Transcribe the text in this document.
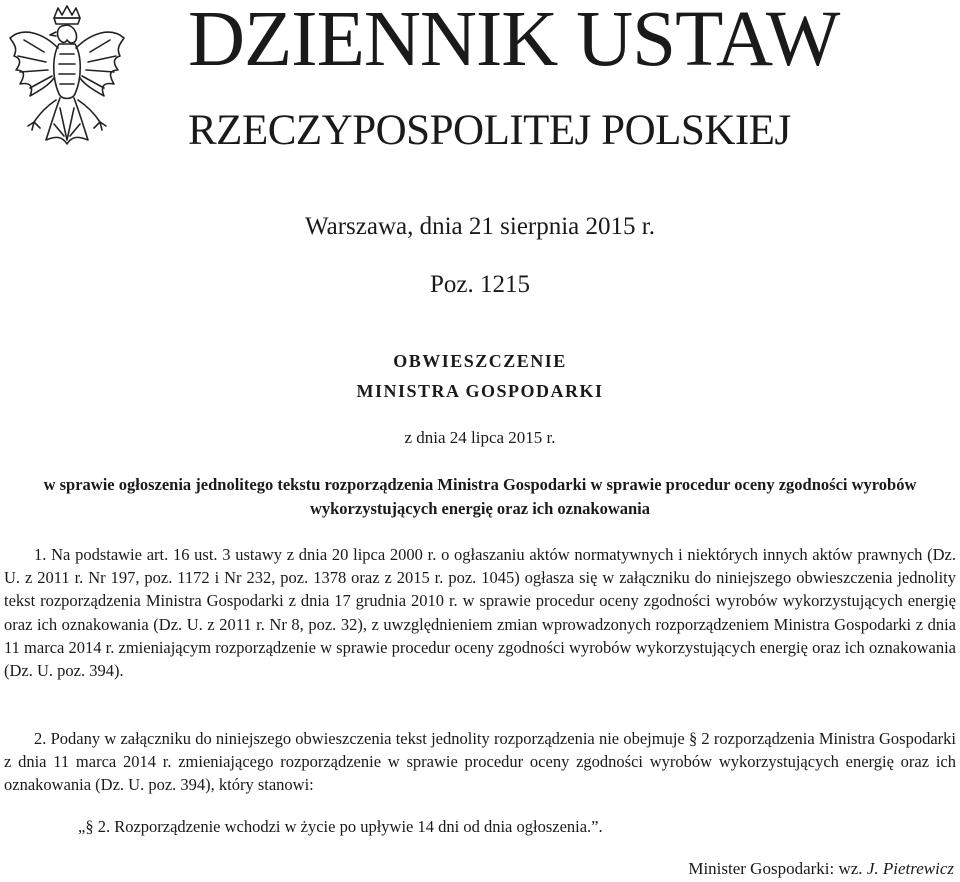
DZIENNIK USTAW
RZECZYPOSPOLITEJ POLSKIEJ
Warszawa, dnia 21 sierpnia 2015 r.
Poz. 1215
OBWIESZCZENIE
MINISTRA GOSPODARKI
z dnia 24 lipca 2015 r.
w sprawie ogłoszenia jednolitego tekstu rozporządzenia Ministra Gospodarki w sprawie procedur oceny zgodności wyrobów wykorzystujących energię oraz ich oznakowania
1. Na podstawie art. 16 ust. 3 ustawy z dnia 20 lipca 2000 r. o ogłaszaniu aktów normatywnych i niektórych innych aktów prawnych (Dz. U. z 2011 r. Nr 197, poz. 1172 i Nr 232, poz. 1378 oraz z 2015 r. poz. 1045) ogłasza się w załączniku do niniejszego obwieszczenia jednolity tekst rozporządzenia Ministra Gospodarki z dnia 17 grudnia 2010 r. w sprawie procedur oceny zgodności wyrobów wykorzystujących energię oraz ich oznakowania (Dz. U. z 2011 r. Nr 8, poz. 32), z uwzględnieniem zmian wprowadzonych rozporządzeniem Ministra Gospodarki z dnia 11 marca 2014 r. zmieniającym rozporządzenie w sprawie procedur oceny zgodności wyrobów wykorzystujących energię oraz ich oznakowania (Dz. U. poz. 394).
2. Podany w załączniku do niniejszego obwieszczenia tekst jednolity rozporządzenia nie obejmuje § 2 rozporządzenia Ministra Gospodarki z dnia 11 marca 2014 r. zmieniającego rozporządzenie w sprawie procedur oceny zgodności wyrobów wykorzystujących energię oraz ich oznakowania (Dz. U. poz. 394), który stanowi:
„§ 2. Rozporządzenie wchodzi w życie po upływie 14 dni od dnia ogłoszenia.”.
Minister Gospodarki: wz. J. Pietrewicz
